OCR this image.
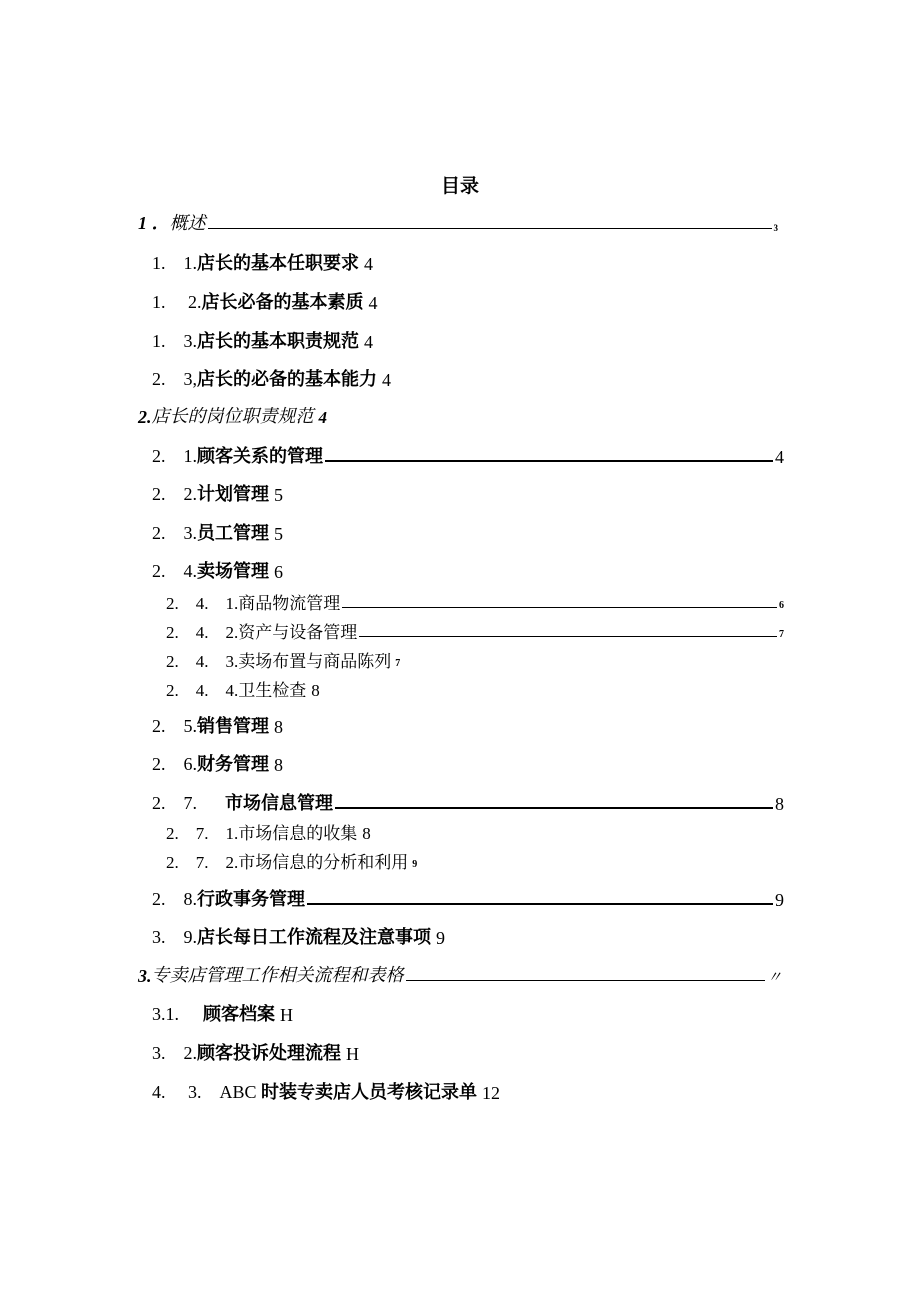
目录
1 ． 概述	3
1.　1. 店长的基本任职要求 4
1.　 2. 店长必备的基本素质 4
1.　3. 店长的基本职责规范 4
2.　3, 店长的必备的基本能力 4
2. 店长的岗位职责规范 4
2.　1. 顾客关系的管理	4
2.　2. 计划管理 5
2.　3. 员工管理 5
2.　4. 卖场管理 6
2.　4.　1. 商品物流管理	6
2.　4.　2. 资产与设备管理	7
2.　4.　3. 卖场布置与商品陈列 7
2.　4.　4. 卫生检查 8
2.　5. 销售管理 8
2.　6. 财务管理 8
2.　7.　 市场信息管理	8
2.　7.　1. 市场信息的收集 8
2.　7.　2. 市场信息的分析和利用 9
2.　8. 行政事务管理	9
3.　9. 店长每日工作流程及注意事项 9
3. 专卖店管理工作相关流程和表格	〃
3.1.　 顾客档案 H
3.　2. 顾客投诉处理流程 H
4.　 3.　ABC 时装专卖店人员考核记录单 12
